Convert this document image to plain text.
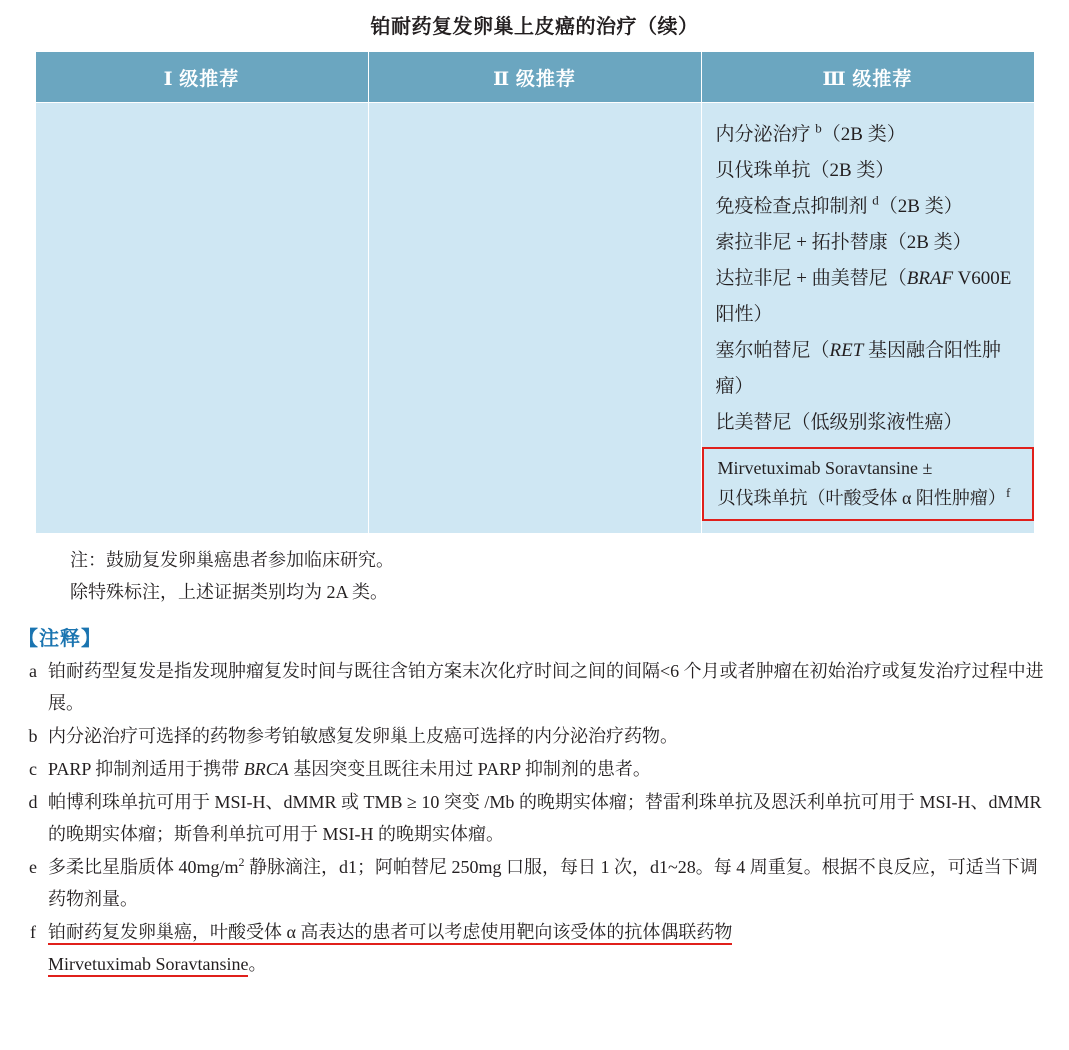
铂耐药复发卵巢上皮癌的治疗（续）
Ⅰ 级推荐	Ⅱ 级推荐	Ⅲ 级推荐

内分泌治疗 $^b$（2B 类）
贝伐珠单抗（2B 类）
免疫检查点抑制剂 $^d$（2B 类）
索拉非尼 + 拓扑替康（2B 类）
达拉非尼 + 曲美替尼（BRAF V600E 阳性）
塞尔帕替尼（RET 基因融合阳性肿瘤）
比美替尼（低级别浆液性癌）
Mirvetuximab Soravtansine ±
贝伐珠单抗（叶酸受体 α 阳性肿瘤）$^f$
注：鼓励复发卵巢癌患者参加临床研究。
除特殊标注，上述证据类别均为 2A 类。
【注释】
a 铂耐药型复发是指发现肿瘤复发时间与既往含铂方案末次化疗时间之间的间隔<6 个月或者肿瘤在初始治疗或复发治疗过程中进展。
b 内分泌治疗可选择的药物参考铂敏感复发卵巢上皮癌可选择的内分泌治疗药物。
c PARP 抑制剂适用于携带 BRCA 基因突变且既往未用过 PARP 抑制剂的患者。
d 帕博利珠单抗可用于 MSI-H、dMMR 或 TMB ≥ 10 突变 /Mb 的晚期实体瘤；替雷利珠单抗及恩沃利单抗可用于 MSI-H、dMMR 的晚期实体瘤；斯鲁利单抗可用于 MSI-H 的晚期实体瘤。
e 多柔比星脂质体 $40mg/m^2$ 静脉滴注，d1；阿帕替尼 250mg 口服，每日 1 次，d1~28。每 4 周重复。根据不良反应，可适当下调药物剂量。
f 铂耐药复发卵巢癌，叶酸受体 α 高表达的患者可以考虑使用靶向该受体的抗体偶联药物
Mirvetuximab Soravtansine。
